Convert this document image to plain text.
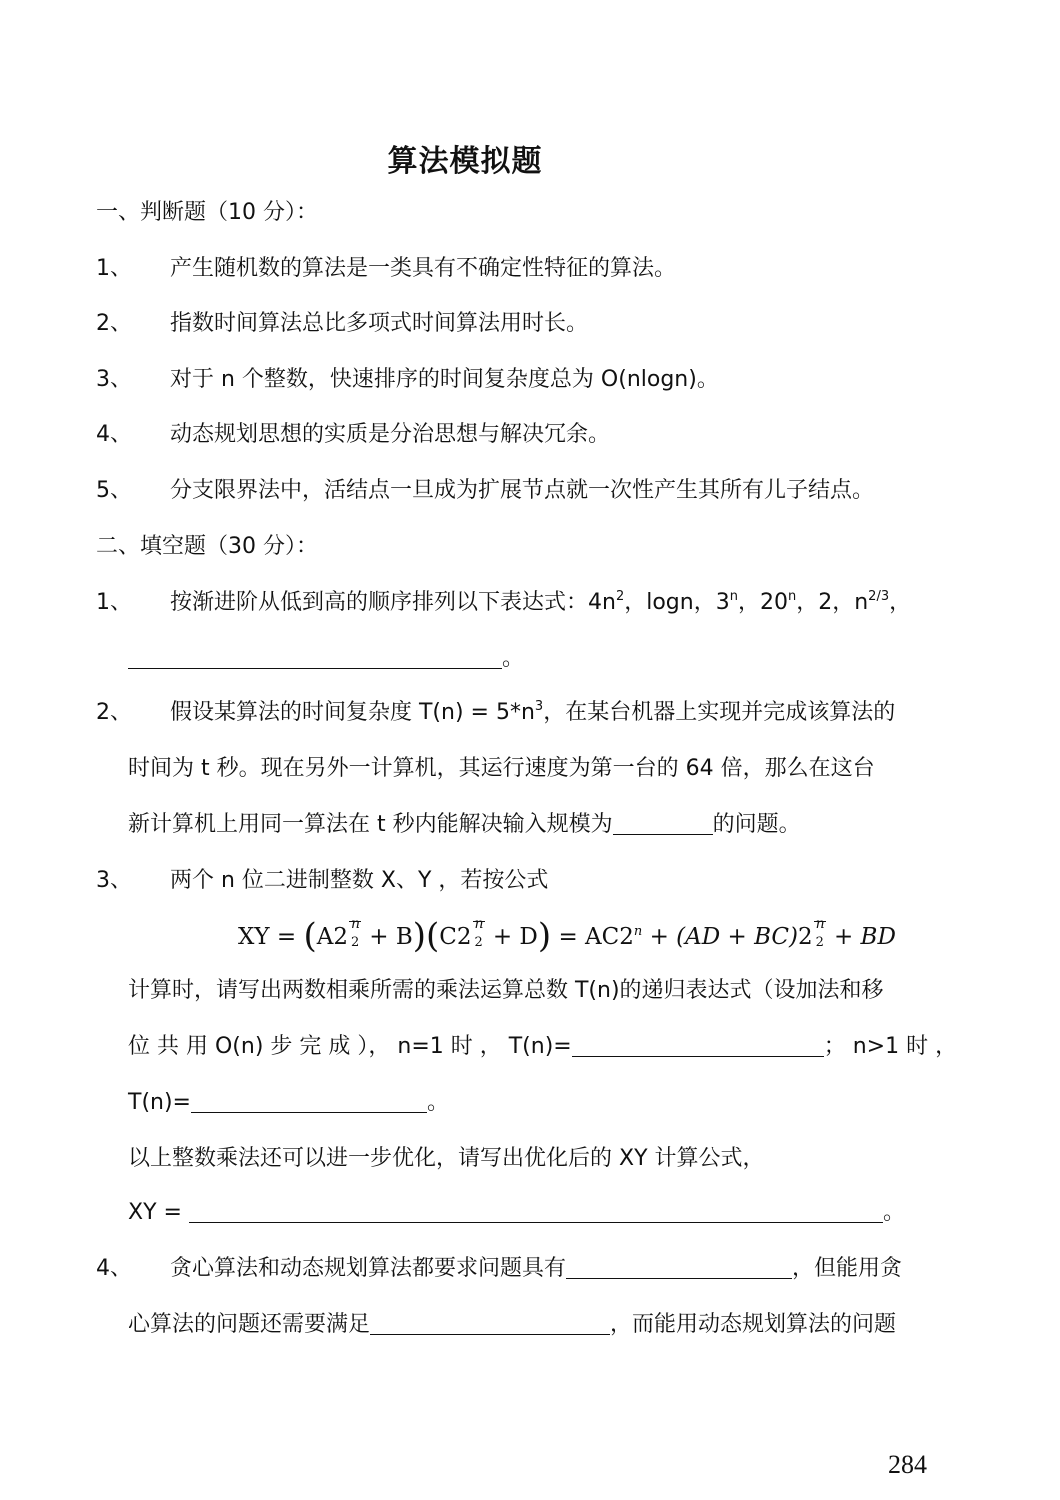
算法模拟题
一、判断题（10 分）：
1、 产生随机数的算法是一类具有不确定性特征的算法。
2、 指数时间算法总比多项式时间算法用时长。
3、 对于 n 个整数，快速排序的时间复杂度总为 O(nlogn)。
4、 动态规划思想的实质是分治思想与解决冗余。
5、 分支限界法中，活结点一旦成为扩展节点就一次性产生其所有儿子结点。
二、填空题（30 分）：
1、 按渐进阶从低到高的顺序排列以下表达式：$4n^2$，logn，3$^n$，20$^n$，2，$n^{2/3}$，
。
2、 假设某算法的时间复杂度 $T(n) = 5*n^3$，在某台机器上实现并完成该算法的
时间为 t 秒。现在另外一计算机，其运行速度为第一台的 64 倍，那么在这台
新计算机上用同一算法在 t 秒内能解决输入规模为	的问题。
3、 两个 n 位二进制整数 X、Y ，若按公式
XY = (A2 n
2 + B)(C2 n
$2 + D) = AC2^n + (AD + BC)2$ n
2 + BD
计算时，请写出两数相乘所需的乘法运算总数 T(n)的递归表达式（设加法和移
位 共 用 O(n) 步 完 成 ）， n=1 时 ， T(n)=	； n>1 时 ，
T(n)=	。
以上整数乘法还可以进一步优化，请写出优化后的 XY 计算公式，
XY =	。
4、 贪心算法和动态规划算法都要求问题具有	，但能用贪
心算法的问题还需要满足	，而能用动态规划算法的问题
284
